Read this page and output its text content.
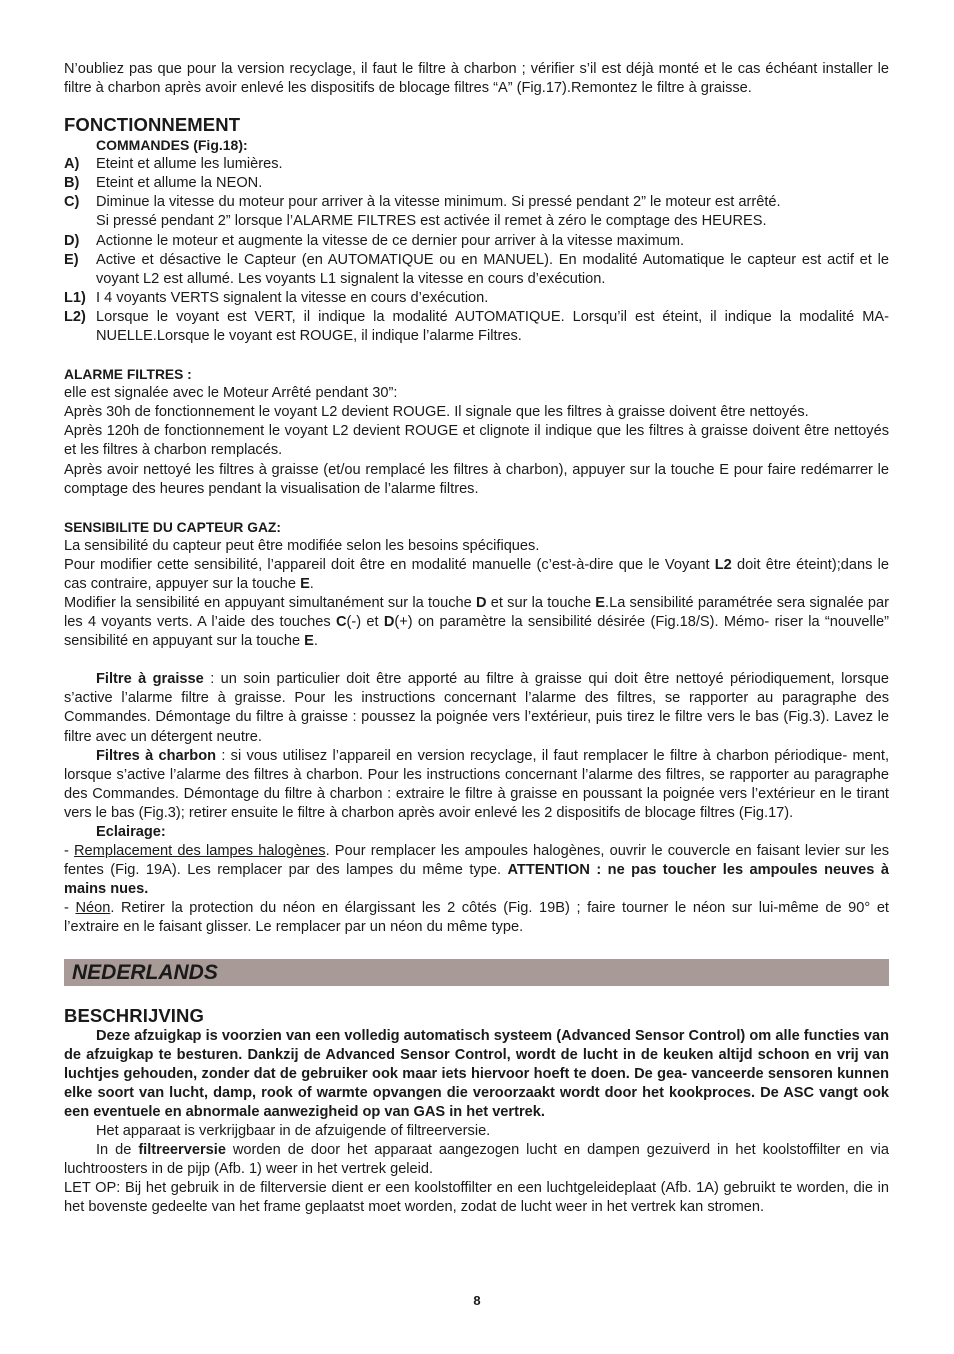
N’oubliez pas que pour la version recyclage, il faut le filtre à charbon ; vérifier s’il est déjà monté et le cas échéant installer le filtre à charbon après avoir enlevé les dispositifs de blocage filtres “A” (Fig.17).Remontez le filtre à graisse.

FONCTIONNEMENT
COMMANDES (Fig.18):
A)	Eteint et allume les lumières.
B)	Eteint et allume la NEON.
C)	Diminue la vitesse du moteur pour arriver à la vitesse minimum. Si pressé pendant 2” le moteur est arrêté.
Si pressé pendant 2” lorsque l’ALARME FILTRES est activée il remet à zéro le comptage des HEURES.
D)	Actionne le moteur et augmente la vitesse de ce dernier pour arriver à la vitesse maximum.
E)	Active et désactive le Capteur (en AUTOMATIQUE ou en MANUEL). En modalité Automatique le capteur est actif et le voyant L2 est allumé. Les voyants L1 signalent la vitesse en cours d’exécution.
L1) I 4 voyants VERTS signalent la vitesse en cours d’exécution.
L2) Lorsque le voyant est VERT, il indique la modalité AUTOMATIQUE. Lorsqu’il est éteint, il indique la modalité MA- NUELLE.Lorsque le voyant est ROUGE, il indique l’alarme Filtres.
ALARME FILTRES :

elle est signalée avec le Moteur Arrêté pendant 30”:

Après 30h de fonctionnement le voyant L2 devient ROUGE. Il signale que les filtres à graisse doivent être nettoyés.

Après 120h de fonctionnement le voyant L2 devient ROUGE et clignote il indique que les filtres à graisse doivent être nettoyés et les filtres à charbon remplacés.

Après avoir nettoyé les filtres à graisse (et/ou remplacé les filtres à charbon), appuyer sur la touche E pour faire redémarrer le comptage des heures pendant la visualisation de l’alarme filtres.

SENSIBILITE DU CAPTEUR GAZ:

La sensibilité du capteur peut être modifiée selon les besoins spécifiques.

Pour modifier cette sensibilité, l’appareil doit être en modalité manuelle (c’est-à-dire que le Voyant L2 doit être éteint);dans le cas contraire, appuyer sur la touche E.

Modifier la sensibilité en appuyant simultanément sur la touche D et sur la touche E.La sensibilité paramétrée sera signalée par les 4 voyants verts. A l’aide des touches C(-) et D(+) on paramètre la sensibilité désirée (Fig.18/S). Mémo- riser la “nouvelle” sensibilité en appuyant sur la touche E.

Filtre à graisse : un soin particulier doit être apporté au filtre à graisse qui doit être nettoyé périodiquement, lorsque s’active l’alarme filtre à graisse. Pour les instructions concernant l’alarme des filtres, se rapporter au paragraphe des Commandes. Démontage du filtre à graisse : poussez la poignée vers l’extérieur, puis tirez le filtre vers le bas (Fig.3). Lavez le filtre avec un détergent neutre.

Filtres à charbon : si vous utilisez l’appareil en version recyclage, il faut remplacer le filtre à charbon périodique- ment, lorsque s’active l’alarme des filtres à charbon. Pour les instructions concernant l’alarme des filtres, se rapporter au paragraphe des Commandes. Démontage du filtre à charbon : extraire le filtre à graisse en poussant la poignée vers l’extérieur en le tirant vers le bas (Fig.3); retirer ensuite le filtre à charbon après avoir enlevé les 2 dispositifs de blocage filtres (Fig.17).

Eclairage:

- Remplacement des lampes halogènes. Pour remplacer les ampoules halogènes, ouvrir le couvercle en faisant levier sur les fentes (Fig. 19A). Les remplacer par des lampes du même type. ATTENTION : ne pas toucher les ampoules neuves à mains nues.

- Néon. Retirer la protection du néon en élargissant les 2 côtés (Fig. 19B) ; faire tourner le néon sur lui-même de 90° et l’extraire en le faisant glisser. Le remplacer par un néon du même type.

NEDERLANDS
BESCHRIJVING

Deze afzuigkap is voorzien van een volledig automatisch systeem (Advanced Sensor Control) om alle functies van de afzuigkap te besturen. Dankzij de Advanced Sensor Control, wordt de lucht in de keuken altijd schoon en vrij van luchtjes gehouden, zonder dat de gebruiker ook maar iets hiervoor hoeft te doen. De gea- vanceerde sensoren kunnen elke soort van lucht, damp, rook of warmte opvangen die veroorzaakt wordt door het kookproces. De ASC vangt ook een eventuele en abnormale aanwezigheid op van GAS in het vertrek.

Het apparaat is verkrijgbaar in de afzuigende of filtreerversie.

In de filtreerversie worden de door het apparaat aangezogen lucht en dampen gezuiverd in het koolstoffilter en via luchtroosters in de pijp (Afb. 1) weer in het vertrek geleid.

LET OP: Bij het gebruik in de filterversie dient er een koolstoffilter en een luchtgeleideplaat (Afb. 1A) gebruikt te worden, die in het bovenste gedeelte van het frame geplaatst moet worden, zodat de lucht weer in het vertrek kan stromen.

8
